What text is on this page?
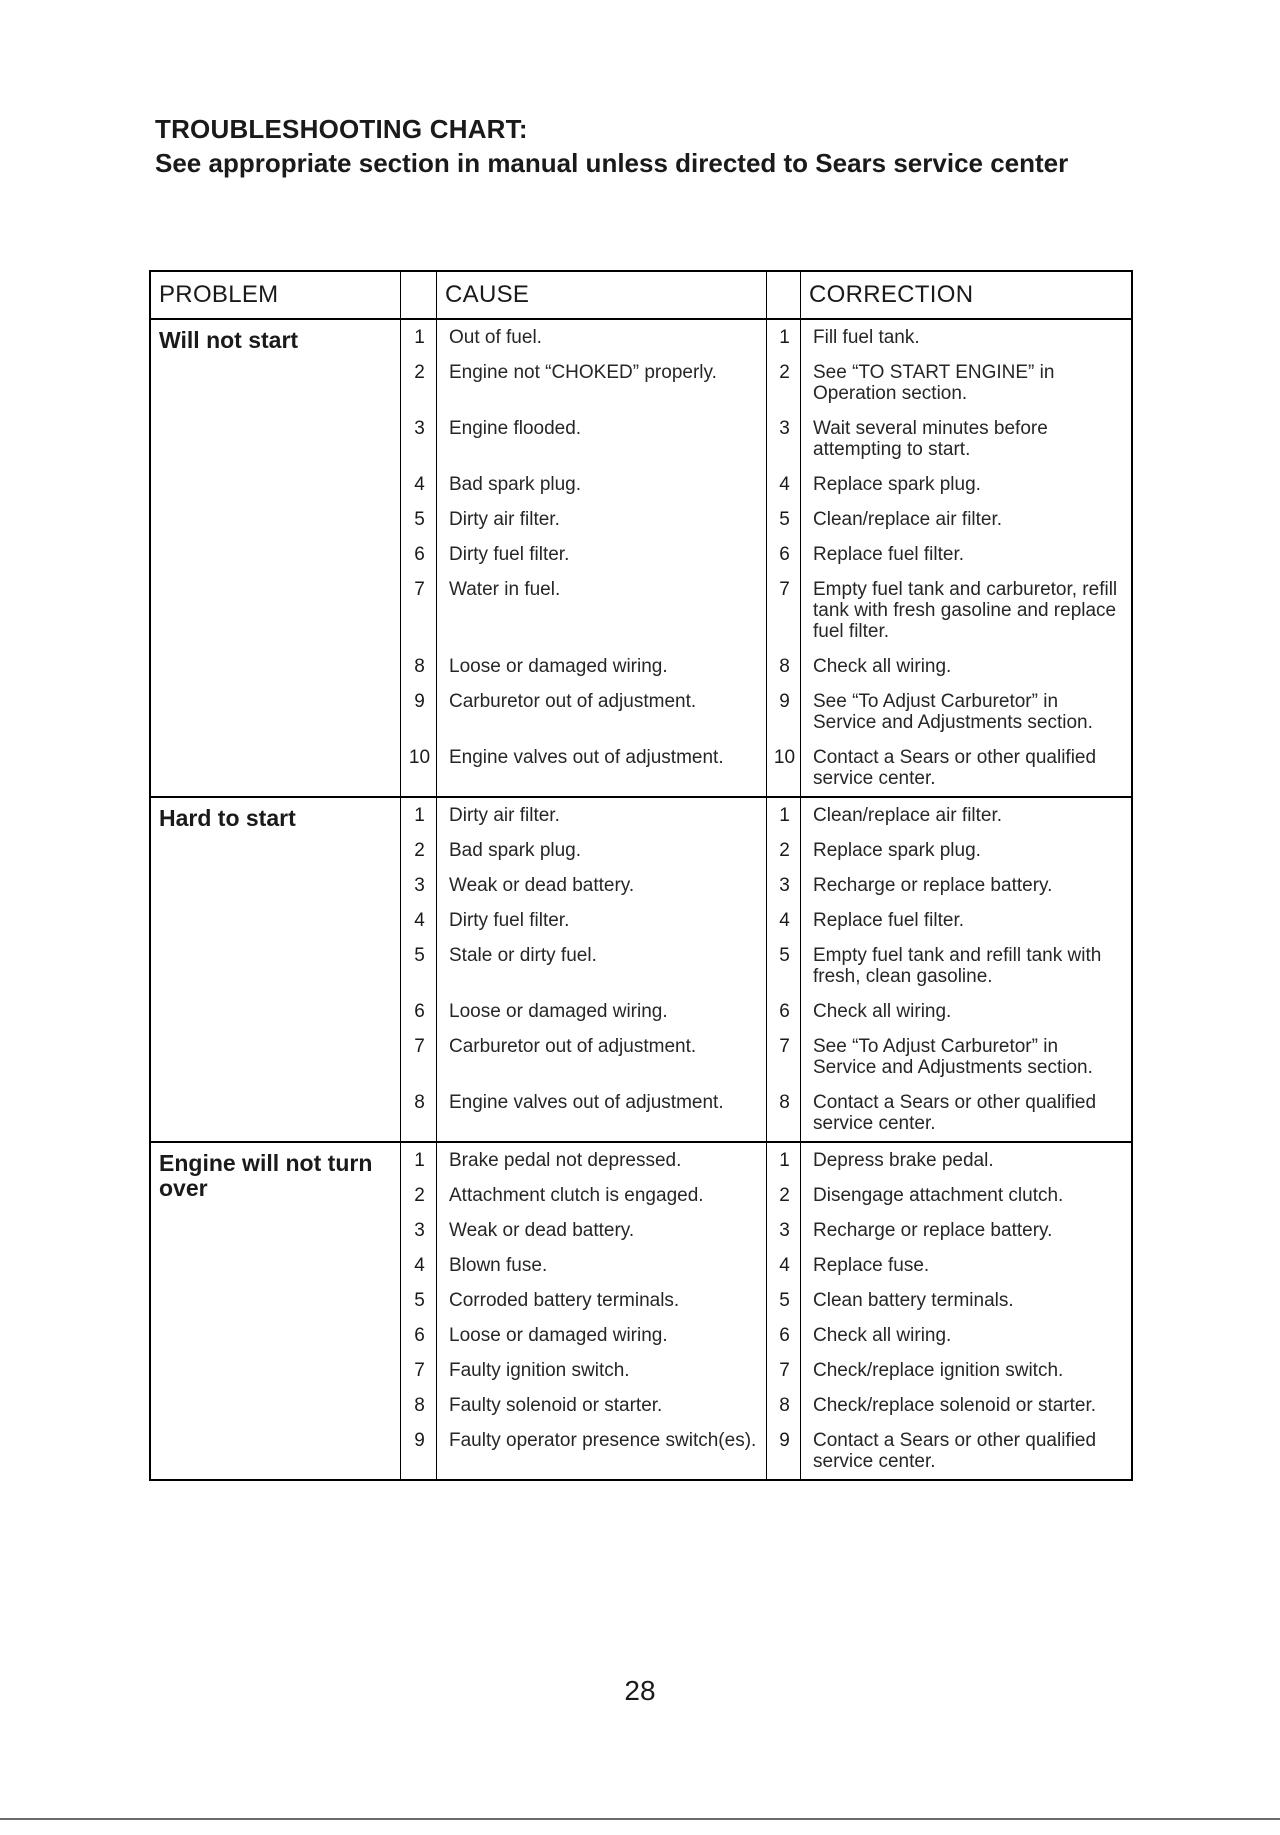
TROUBLESHOOTING CHART:
See appropriate section in manual unless directed to Sears service center
PROBLEM	CAUSE	CORRECTION
Will not start	1	Out of fuel.	1	Fill fuel tank.
2	Engine not “CHOKED” properly.	2	See “TO START ENGINE” in Operation section.
3	Engine flooded.	3	Wait several minutes before attempting to start.
4	Bad spark plug.	4	Replace spark plug.
5	Dirty air filter.	5	Clean/replace air filter.
6	Dirty fuel filter.	6	Replace fuel filter.
7	Water in fuel.	7	Empty fuel tank and carburetor, refill tank with fresh gasoline and replace fuel filter.
8	Loose or damaged wiring.	8	Check all wiring.
9	Carburetor out of adjustment.	9	See “To Adjust Carburetor” in Service and Adjustments section.
10 Engine valves out of adjustment.	10 Contact a Sears or other qualified service center.
Hard to start	1	Dirty air filter.	1	Clean/replace air filter.
2	Bad spark plug.	2	Replace spark plug.
3	Weak or dead battery.	3	Recharge or replace battery.
4	Dirty fuel filter.	4	Replace fuel filter.
5	Stale or dirty fuel.	5	Empty fuel tank and refill tank with fresh, clean gasoline.
6	Loose or damaged wiring.	6	Check all wiring.
7	Carburetor out of adjustment.	7	See “To Adjust Carburetor” in Service and Adjustments section.
8	Engine valves out of adjustment.	8	Contact a Sears or other qualified service center.
Engine will not turn over
1	Brake pedal not depressed.	1	Depress brake pedal.
2	Attachment clutch is engaged.	2	Disengage attachment clutch.
3	Weak or dead battery.	3	Recharge or replace battery.
4	Blown fuse.	4	Replace fuse.
5	Corroded battery terminals.	5	Clean battery terminals.
6	Loose or damaged wiring.	6	Check all wiring.
7	Faulty ignition switch.	7	Check/replace ignition switch.
8	Faulty solenoid or starter.	8	Check/replace solenoid or starter.
9	Faulty operator presence switch(es).	9	Contact a Sears or other qualified service center.
28
